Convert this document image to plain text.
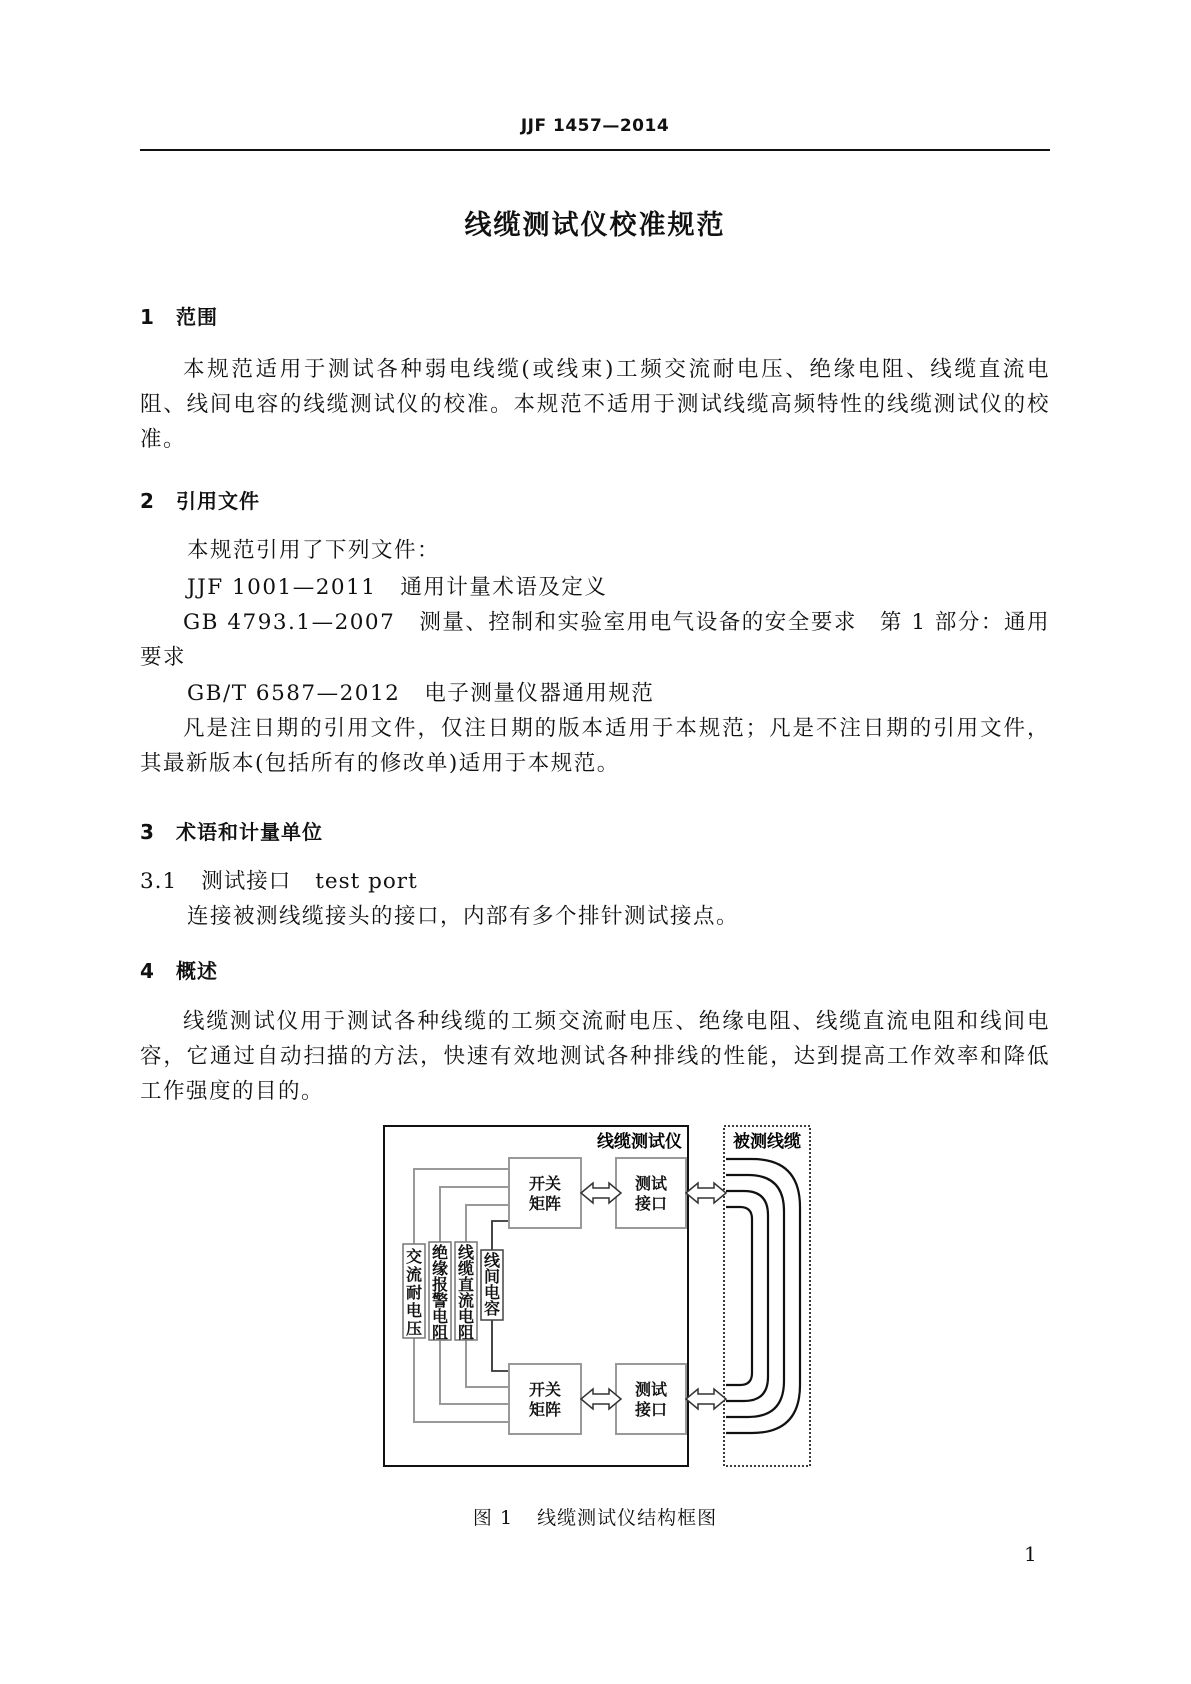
JJF 1457—2014
线缆测试仪校准规范
1 范围
本规范适用于测试各种弱电线缆(或线束)工频交流耐电压、绝缘电阻、线缆直流电阻、线间电容的线缆测试仪的校准。本规范不适用于测试线缆高频特性的线缆测试仪的校准。
2 引用文件
本规范引用了下列文件：
JJF 1001—2011 通用计量术语及定义
GB 4793.1—2007 测量、控制和实验室用电气设备的安全要求　第 1 部分：通用要求
GB/T 6587—2012 电子测量仪器通用规范
凡是注日期的引用文件，仅注日期的版本适用于本规范；凡是不注日期的引用文件，其最新版本(包括所有的修改单)适用于本规范。
3 术语和计量单位
3.1 测试接口 test port
连接被测线缆接头的接口，内部有多个排针测试接点。
4 概述
线缆测试仪用于测试各种线缆的工频交流耐电压、绝缘电阻、线缆直流电阻和线间电容，它通过自动扫描的方法，快速有效地测试各种排线的性能，达到提高工作效率和降低工作强度的目的。
线缆测试仪	被测线缆
交
流
耐
电
压
绝
缘
报
警
电
阻
线
缆
直
流
电
阻
线
间
电
容
开关
矩阵
开关
矩阵
测试
接口
测试
接口
图 1 线缆测试仪结构框图
1
